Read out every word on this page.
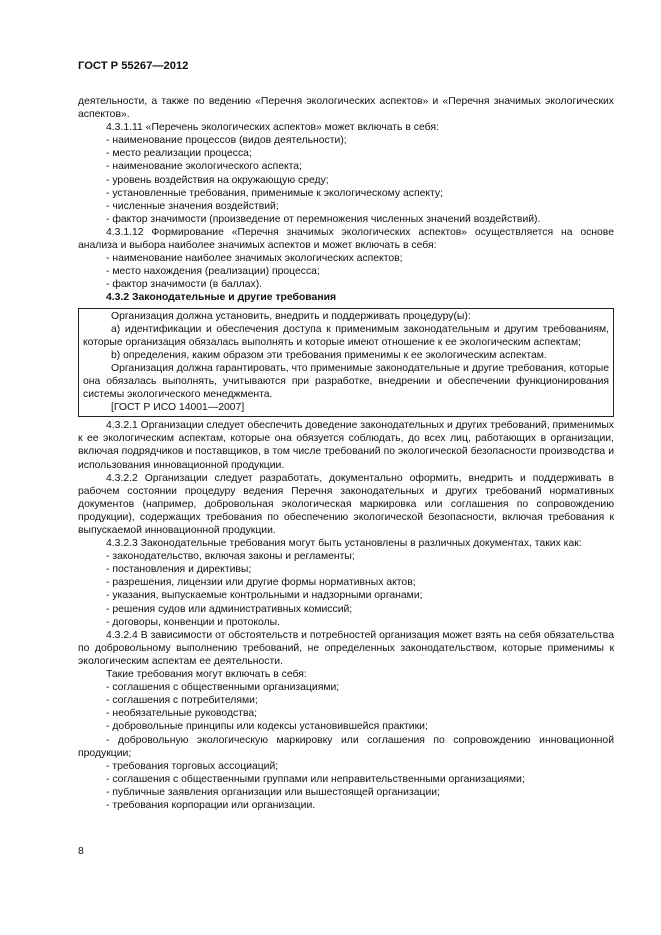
ГОСТ Р 55267—2012

деятельности, а также по ведению «Перечня экологических аспектов» и «Перечня значимых экологических аспектов».

4.3.1.11 «Перечень экологических аспектов» может включать в себя:

- наименование процессов (видов деятельности);

- место реализации процесса;

- наименование экологического аспекта;

- уровень воздействия на окружающую среду;

- установленные требования, применимые к экологическому аспекту;

- численные значения воздействий;

- фактор значимости (произведение от перемножения численных значений воздействий).

4.3.1.12 Формирование «Перечня значимых экологических аспектов» осуществляется на основе анализа и выбора наиболее значимых аспектов и может включать в себя:

- наименование наиболее значимых экологических аспектов;

- место нахождения (реализации) процесса;

- фактор значимости (в баллах).

4.3.2 Законодательные и другие требования

Организация должна установить, внедрить и поддерживать процедуру(ы):

а) идентификации и обеспечения доступа к применимым законодательным и другим требованиям, которые организация обязалась выполнять и которые имеют отношение к ее экологическим аспектам;

b) определения, каким образом эти требования применимы к ее экологическим аспектам.

Организация должна гарантировать, что применимые законодательные и другие требования, которые она обязалась выполнять, учитываются при разработке, внедрении и обеспечении функционирования системы экологического менеджмента.

[ГОСТ Р ИСО 14001—2007]

4.3.2.1 Организации следует обеспечить доведение законодательных и других требований, применимых к ее экологическим аспектам, которые она обязуется соблюдать, до всех лиц, работающих в организации, включая подрядчиков и поставщиков, в том числе требований по экологической безопасности производства и использования инновационной продукции.

4.3.2.2 Организации следует разработать, документально оформить, внедрить и поддерживать в рабочем состоянии процедуру ведения Перечня законодательных и других требований нормативных документов (например, добровольная экологическая маркировка или соглашения по сопровождению продукции), содержащих требования по обеспечению экологической безопасности, включая требования к выпускаемой инновационной продукции.

4.3.2.3 Законодательные требования могут быть установлены в различных документах, таких как:

- законодательство, включая законы и регламенты;

- постановления и директивы;

- разрешения, лицензии или другие формы нормативных актов;

- указания, выпускаемые контрольными и надзорными органами;

- решения судов или административных комиссий;

- договоры, конвенции и протоколы.

4.3.2.4 В зависимости от обстоятельств и потребностей организация может взять на себя обязательства по добровольному выполнению требований, не определенных законодательством, которые применимы к экологическим аспектам ее деятельности.

Такие требования могут включать в себя:

- соглашения с общественными организациями;

- соглашения с потребителями;

- необязательные руководства;

- добровольные принципы или кодексы установившейся практики;

- добровольную экологическую маркировку или соглашения по сопровождению инновационной продукции;

- требования торговых ассоциаций;

- соглашения с общественными группами или неправительственными организациями;

- публичные заявления организации или вышестоящей организации;

- требования корпорации или организации.

8
